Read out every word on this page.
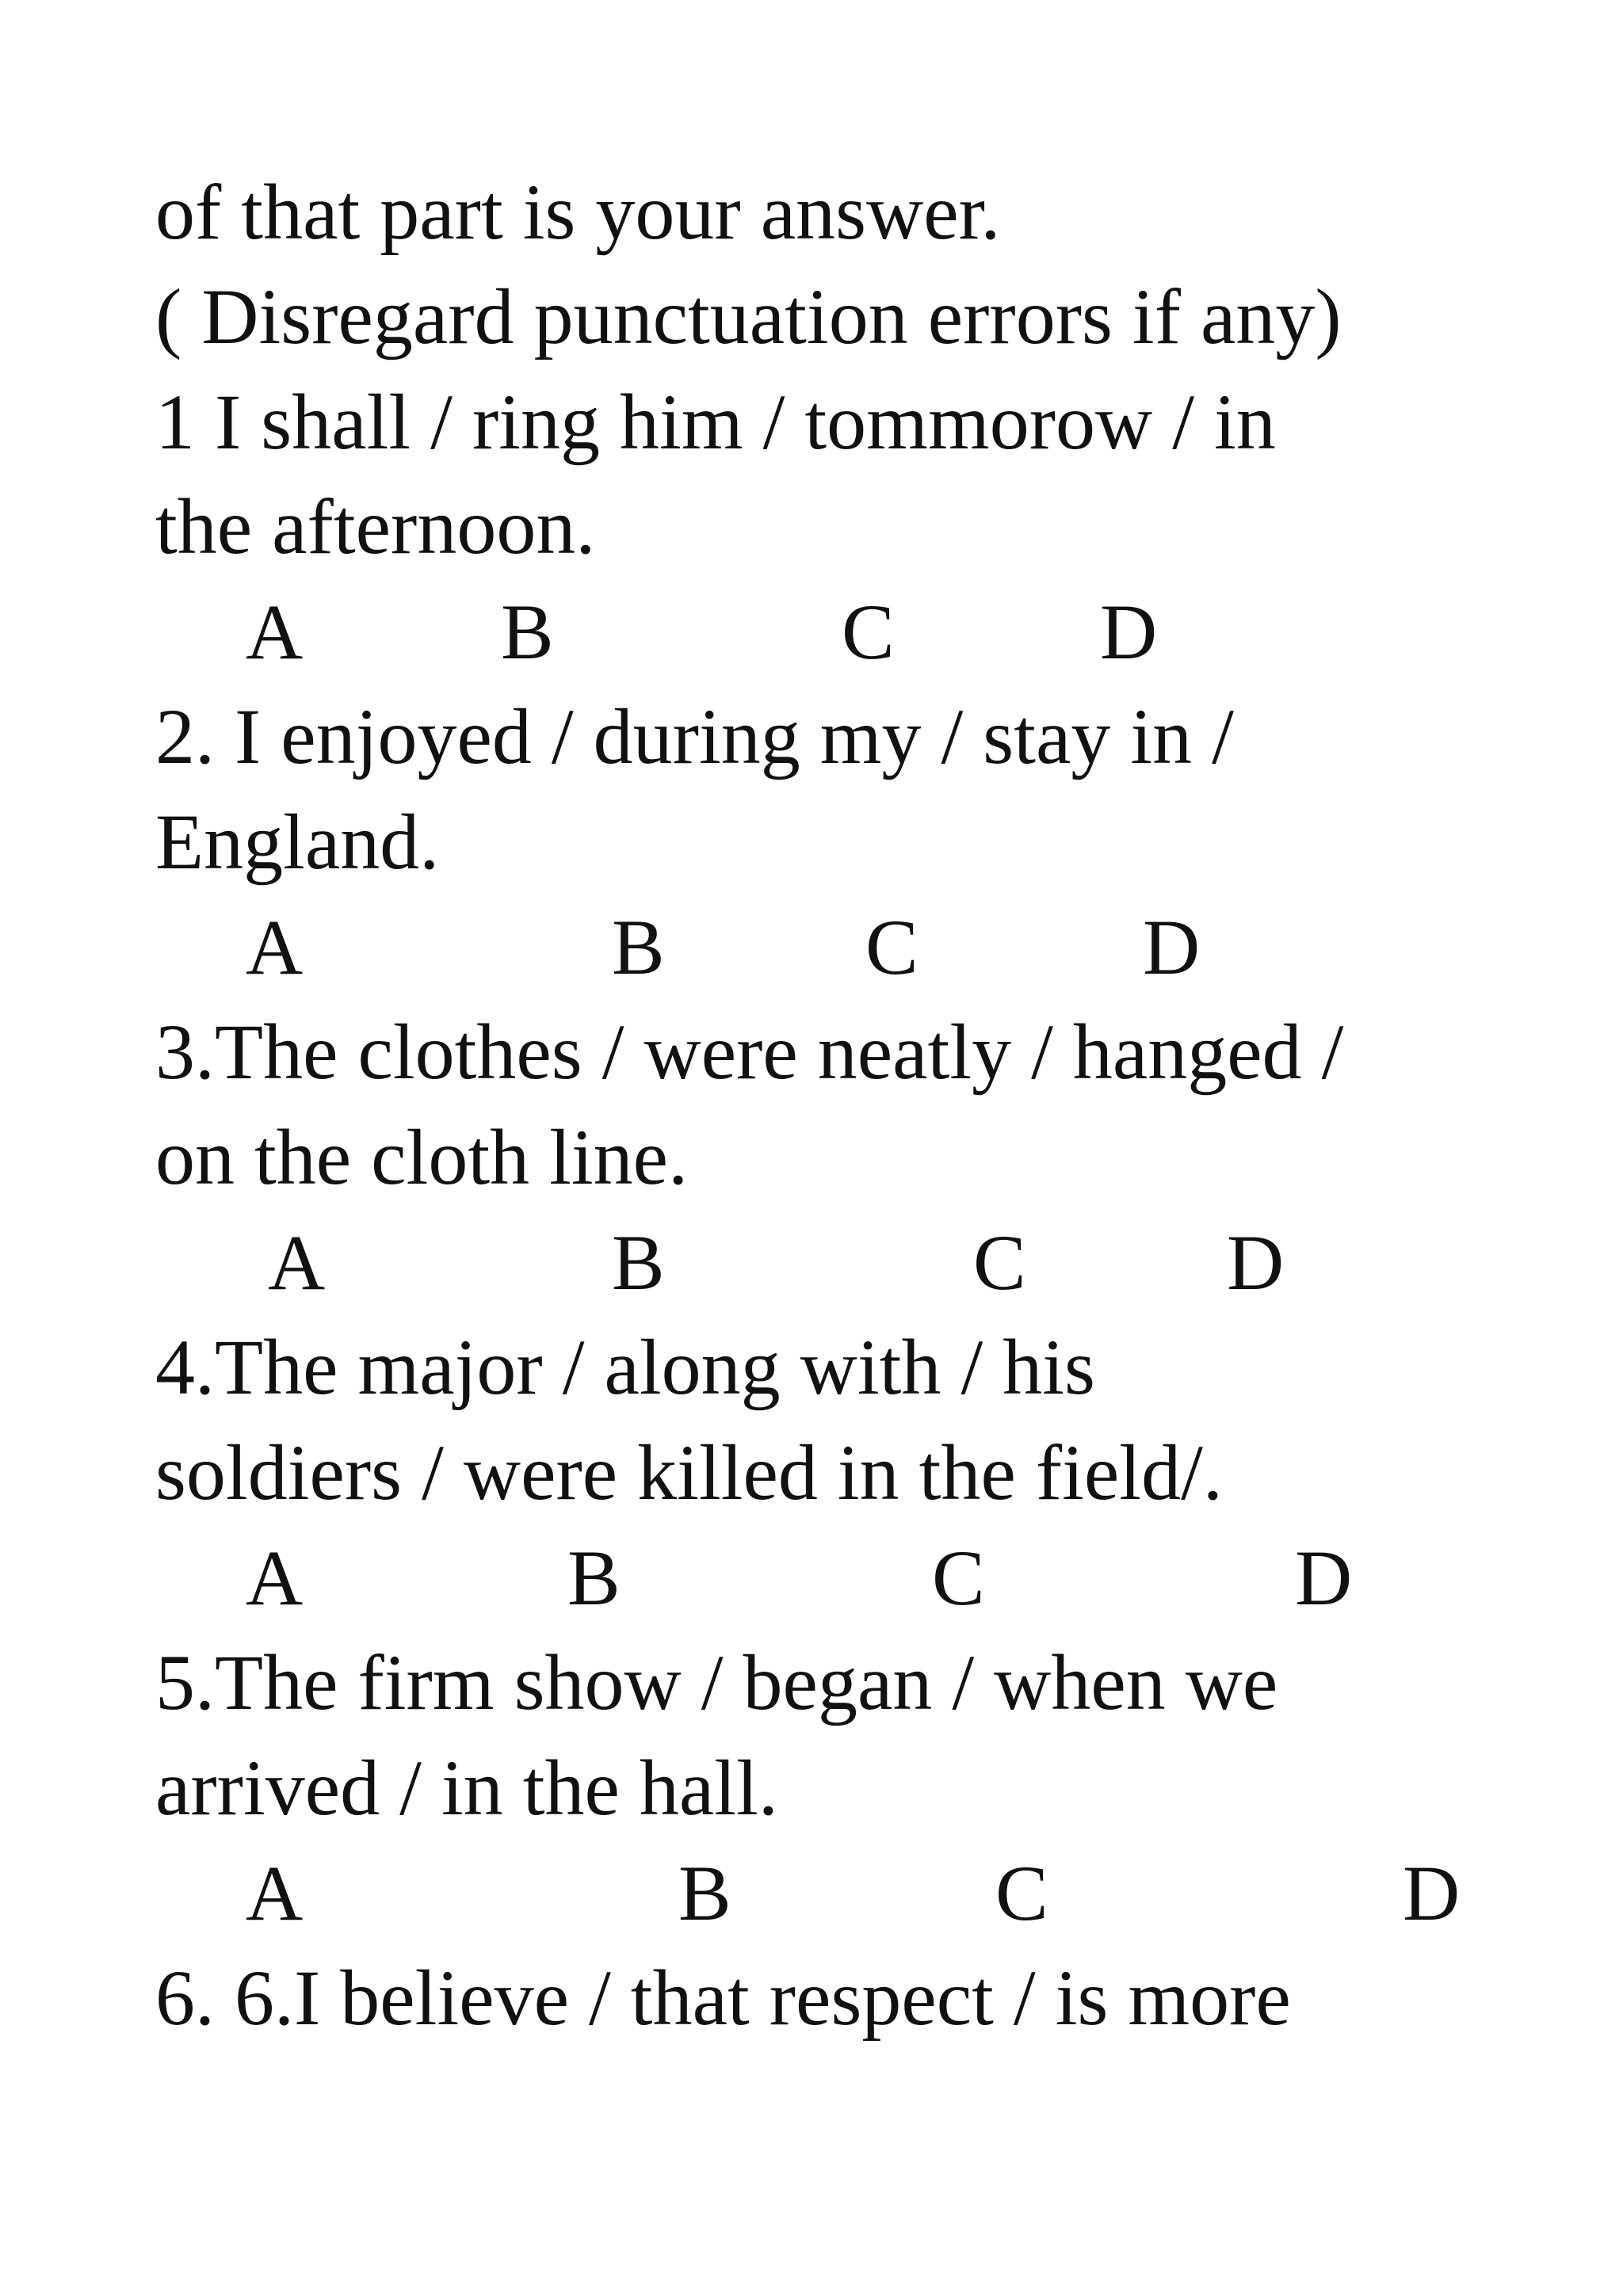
of that part is your answer.
( Disregard punctuation errors if any)
1 I shall / ring him / tommorow / in
the afternoon.
A B	C	D
2. I enjoyed / during my / stay in /
England.
A	B	C	D
3.The clothes / were neatly / hanged /
on the cloth line.
A	B	C	D
4.The major / along with / his
soldiers / were killed in the field/.
A	B	C	D
5.The firm show / began / when we
arrived / in the hall.
A	B	C	D
6. 6.I believe / that respect / is more
